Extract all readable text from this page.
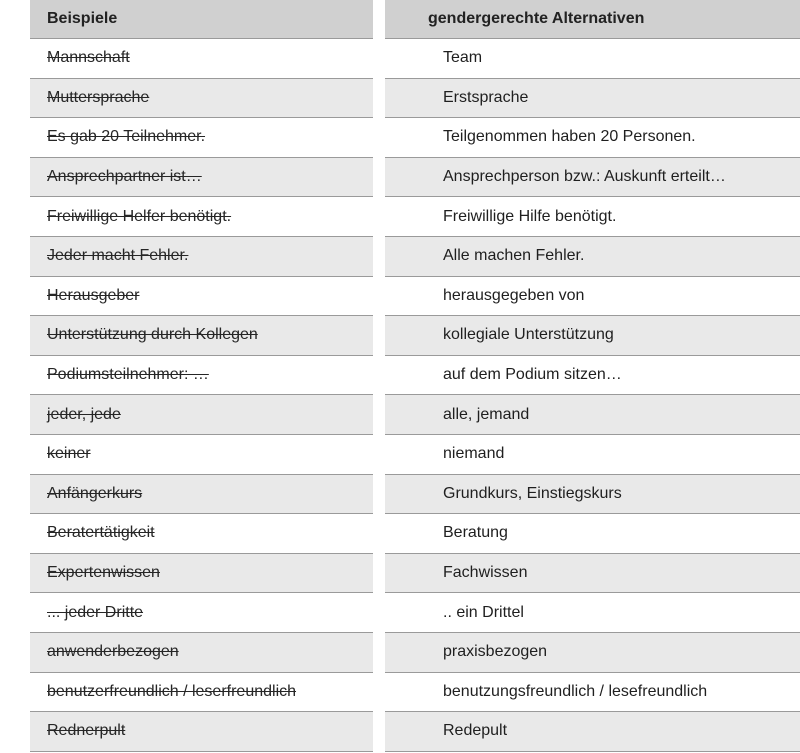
Beispiele
Mannschaft
Muttersprache
Es gab 20 Teilnehmer.
Ansprechpartner ist…
Freiwillige Helfer benötigt.
Jeder macht Fehler.
Herausgeber
Unterstützung durch Kollegen
Podiumsteilnehmer: …
jeder, jede
keiner
Anfängerkurs
Beratertätigkeit
Expertenwissen
... jeder Dritte
anwenderbezogen
benutzerfreundlich / leserfreundlich
Rednerpult
gendergerechte Alternativen
Team
Erstsprache
Teilgenommen haben 20 Personen.
Ansprechperson bzw.: Auskunft erteilt…
Freiwillige Hilfe benötigt.
Alle machen Fehler.
herausgegeben von
kollegiale Unterstützung
auf dem Podium sitzen…
alle, jemand
niemand
Grundkurs, Einstiegskurs
Beratung
Fachwissen
.. ein Drittel
praxisbezogen
benutzungsfreundlich / lesefreundlich
Redepult
